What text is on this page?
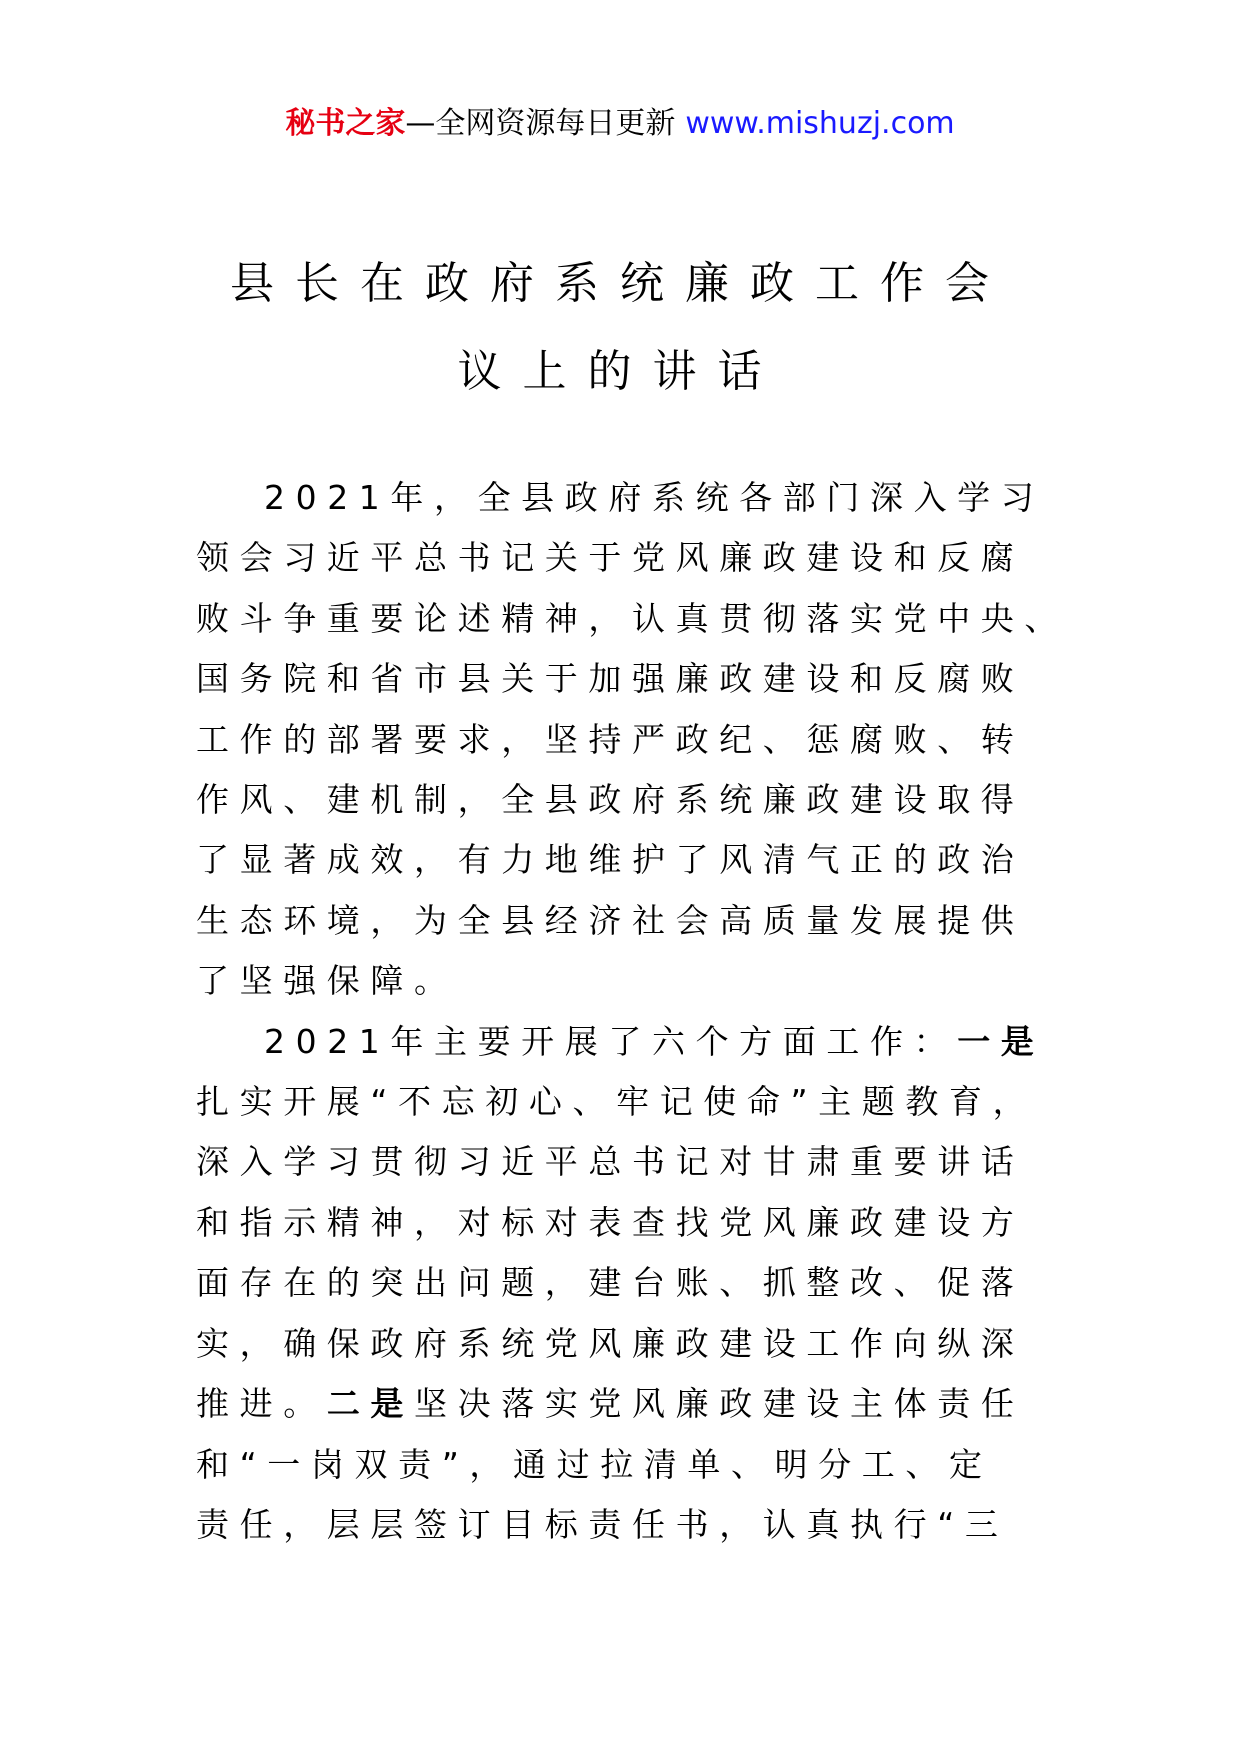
秘书之家—全网资源每日更新 www.mishuzj.com
县长在政府系统廉政工作会
议上的讲话
2021年，全县政府系统各部门深入学习
领会习近平总书记关于党风廉政建设和反腐
败斗争重要论述精神，认真贯彻落实党中央、
国务院和省市县关于加强廉政建设和反腐败
工作的部署要求，坚持严政纪、惩腐败、转
作风、建机制，全县政府系统廉政建设取得
了显著成效，有力地维护了风清气正的政治
生态环境，为全县经济社会高质量发展提供
了坚强保障。
2021年主要开展了六个方面工作：一是
扎实开展“不忘初心、牢记使命”主题教育，
深入学习贯彻习近平总书记对甘肃重要讲话
和指示精神，对标对表查找党风廉政建设方
面存在的突出问题，建台账、抓整改、促落
实，确保政府系统党风廉政建设工作向纵深
推进。二是坚决落实党风廉政建设主体责任
和“一岗双责”，通过拉清单、明分工、定
责任，层层签订目标责任书，认真执行“三
